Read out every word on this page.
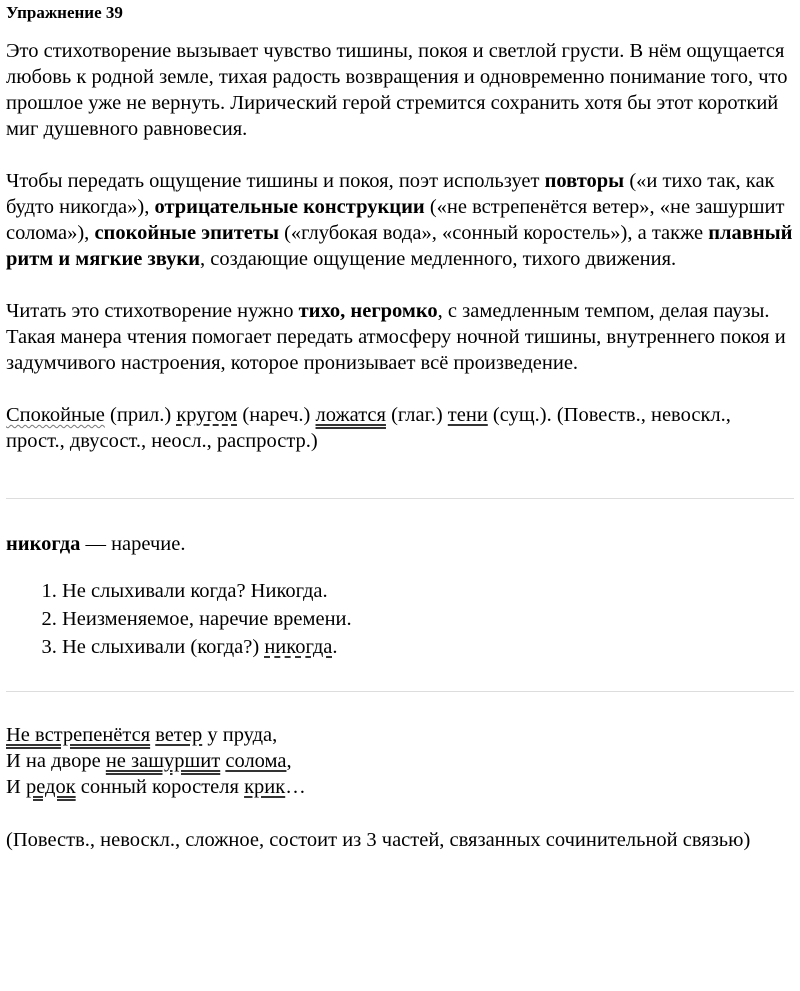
Упражнение 39

Это стихотворение вызывает чувство тишины, покоя и светлой грусти. В нём ощущается любовь к родной земле, тихая радость возвращения и одновременно понимание того, что прошлое уже не вернуть. Лирический герой стремится сохранить хотя бы этот короткий миг душевного равновесия.

Чтобы передать ощущение тишины и покоя, поэт использует повторы («и тихо так, как будто никогда»), отрицательные конструкции («не встрепенётся ветер», «не зашуршит солома»), спокойные эпитеты («глубокая вода», «сонный коростель»), а также плавный ритм и мягкие звуки, создающие ощущение медленного, тихого движения.

Читать это стихотворение нужно тихо, негромко, с замедленным темпом, делая паузы. Такая манера чтения помогает передать атмосферу ночной тишины, внутреннего покоя и задумчивого настроения, которое пронизывает всё произведение.

Спокойные (прил.) кругом (нареч.) ложатся (глаг.) тени (сущ.). (Повеств., невоскл., прост., двусост., неосл., распростр.)

никогда — наречие.

1. Не слыхивали когда? Никогда.
2. Неизменяемое, наречие времени.
3. Не слыхивали (когда?) никогда.
Не встрепенётся ветер у пруда,
И на дворе не зашуршит солома,
И редок сонный коростеля крик…

(Повеств., невоскл., сложное, состоит из 3 частей, связанных сочинительной связью)
